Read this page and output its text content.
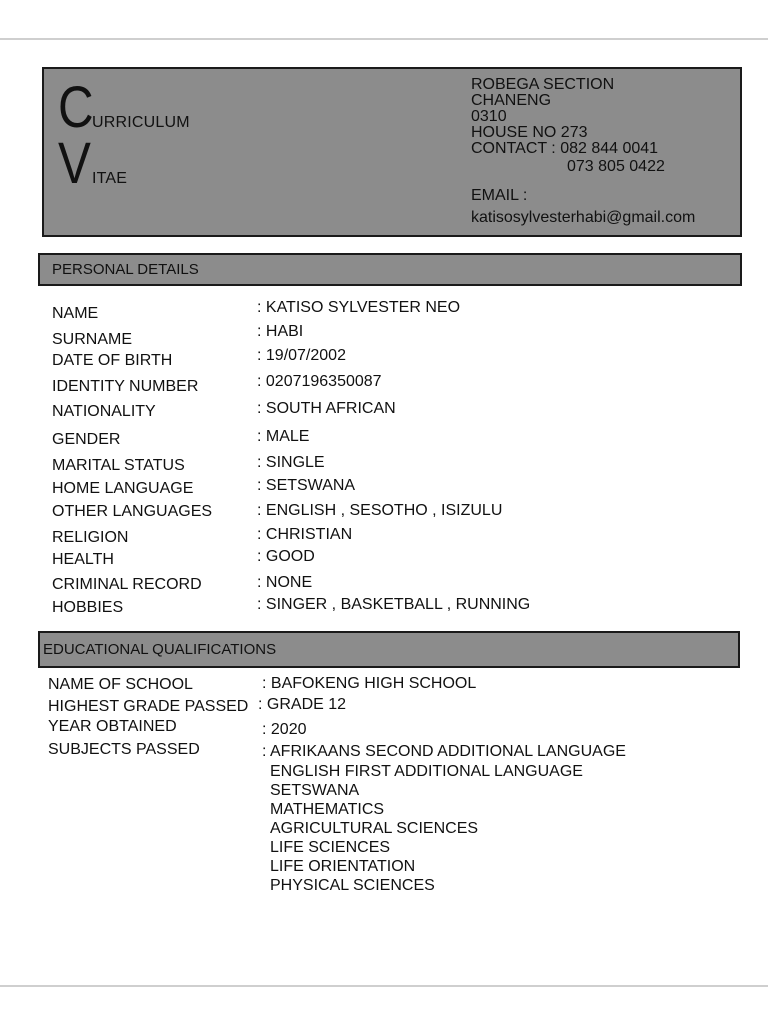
C
URRICULUM
V ITAE
ROBEGA SECTION
CHANENG
0310
HOUSE NO 273
CONTACT : 082 844 0041
073 805 0422
EMAIL :
katisosylvesterhabi@gmail.com
PERSONAL DETAILS
NAME	: KATISO SYLVESTER NEO
SURNAME	: HABI
DATE OF BIRTH	: 19/07/2002
IDENTITY NUMBER	: 0207196350087
NATIONALITY	: SOUTH AFRICAN
GENDER	: MALE
MARITAL STATUS	: SINGLE
HOME LANGUAGE	: SETSWANA
OTHER LANGUAGES	: ENGLISH , SESOTHO , ISIZULU
RELIGION	: CHRISTIAN
HEALTH	: GOOD
CRIMINAL RECORD	: NONE
HOBBIES	: SINGER , BASKETBALL , RUNNING
EDUCATIONAL QUALIFICATIONS
NAME OF SCHOOL	: BAFOKENG HIGH SCHOOL
HIGHEST GRADE PASSED : GRADE 12
YEAR OBTAINED	: 2020
SUBJECTS PASSED	: AFRIKAANS SECOND ADDITIONAL LANGUAGE
ENGLISH FIRST ADDITIONAL LANGUAGE
SETSWANA
MATHEMATICS
AGRICULTURAL SCIENCES
LIFE SCIENCES
LIFE ORIENTATION
PHYSICAL SCIENCES
